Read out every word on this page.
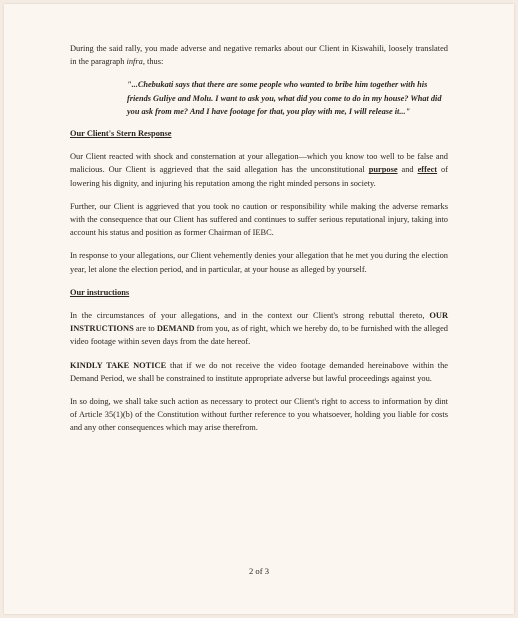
During the said rally, you made adverse and negative remarks about our Client in Kiswahili, loosely translated in the paragraph infra, thus:

"...Chebukati says that there are some people who wanted to bribe him together with his friends Guliye and Molu. I want to ask you, what did you come to do in my house? What did you ask from me? And I have footage for that, you play with me, I will release it..."

Our Client's Stern Response

Our Client reacted with shock and consternation at your allegation—which you know too well to be false and malicious. Our Client is aggrieved that the said allegation has the unconstitutional purpose and effect of lowering his dignity, and injuring his reputation among the right minded persons in society.

Further, our Client is aggrieved that you took no caution or responsibility while making the adverse remarks with the consequence that our Client has suffered and continues to suffer serious reputational injury, taking into account his status and position as former Chairman of IEBC.

In response to your allegations, our Client vehemently denies your allegation that he met you during the election year, let alone the election period, and in particular, at your house as alleged by yourself.

Our instructions

In the circumstances of your allegations, and in the context our Client's strong rebuttal thereto, OUR INSTRUCTIONS are to DEMAND from you, as of right, which we hereby do, to be furnished with the alleged video footage within seven days from the date hereof.

KINDLY TAKE NOTICE that if we do not receive the video footage demanded hereinabove within the Demand Period, we shall be constrained to institute appropriate adverse but lawful proceedings against you.

In so doing, we shall take such action as necessary to protect our Client's right to access to information by dint of Article 35(1)(b) of the Constitution without further reference to you whatsoever, holding you liable for costs and any other consequences which may arise therefrom.

2 of 3
